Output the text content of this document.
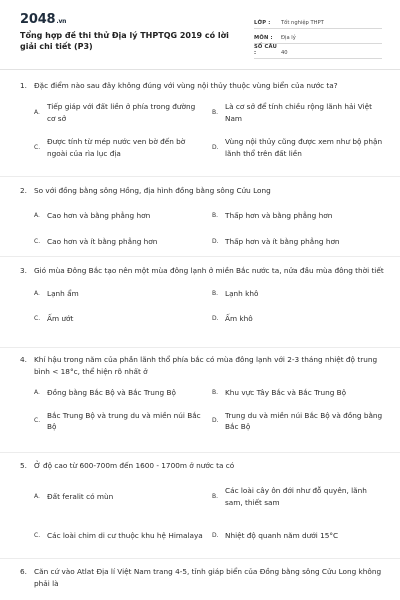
2048.vn
Tổng hợp đề thi thử Địa lý THPTQG 2019 có lời giải chi tiết (P3)
LỚP :	Tốt nghiệp THPT
MÔN :	Địa lý
SỐ CÂU :	40
1. Đặc điểm nào sau đây không đúng với vùng nội thủy thuộc vùng biển của nước ta?
A.
Tiếp giáp với đất liền ở phía trong đường cơ sở
B.
Là cơ sở để tính chiều rộng lãnh hải Việt Nam
C.
Được tính từ mép nước ven bờ đến bờ ngoài của rìa lục địa
D.
Vùng nội thủy cũng được xem như bộ phận lãnh thổ trên đất liền
2. So với đồng bằng sông Hồng, địa hình đồng bằng sông Cửu Long
A. Cao hơn và bằng phẳng hơn	B. Thấp hơn và bằng phẳng hơn
C. Cao hơn và ít bằng phẳng hơn	D. Thấp hơn và ít bằng phẳng hơn
3. Gió mùa Đông Bắc tạo nên một mùa đông lạnh ở miền Bắc nước ta, nửa đầu mùa đông thời tiết
A. Lạnh ẩm	B. Lạnh khô
C. Ấm ướt	D. Ấm khô
4. Khí hậu trong năm của phần lãnh thổ phía bắc có mùa đông lạnh với 2-3 tháng nhiệt độ trung bình < 18°c, thể hiện rõ nhất ở
A. Đồng bằng Bắc Bộ và Bắc Trung Bộ	B. Khu vực Tây Bắc và Bắc Trung Bộ
C.
Bắc Trung Bộ và trung du và miền núi Bắc Bộ
D.
Trung du và miền núi Bắc Bộ và đồng bằng Bắc Bộ
5. Ở độ cao từ 600-700m đến 1600 - 1700m ở nước ta có
A. Đất feralit có mùn	B.
Các loài cây ôn đới như đỗ quyên, lãnh sam, thiết sam
C. Các loài chim di cư thuộc khu hệ Himalaya	D. Nhiệt độ quanh năm dưới 15°C
6. Căn cứ vào Atlat Địa lí Việt Nam trang 4-5, tỉnh giáp biển của Đồng bằng sông Cửu Long không phải là
